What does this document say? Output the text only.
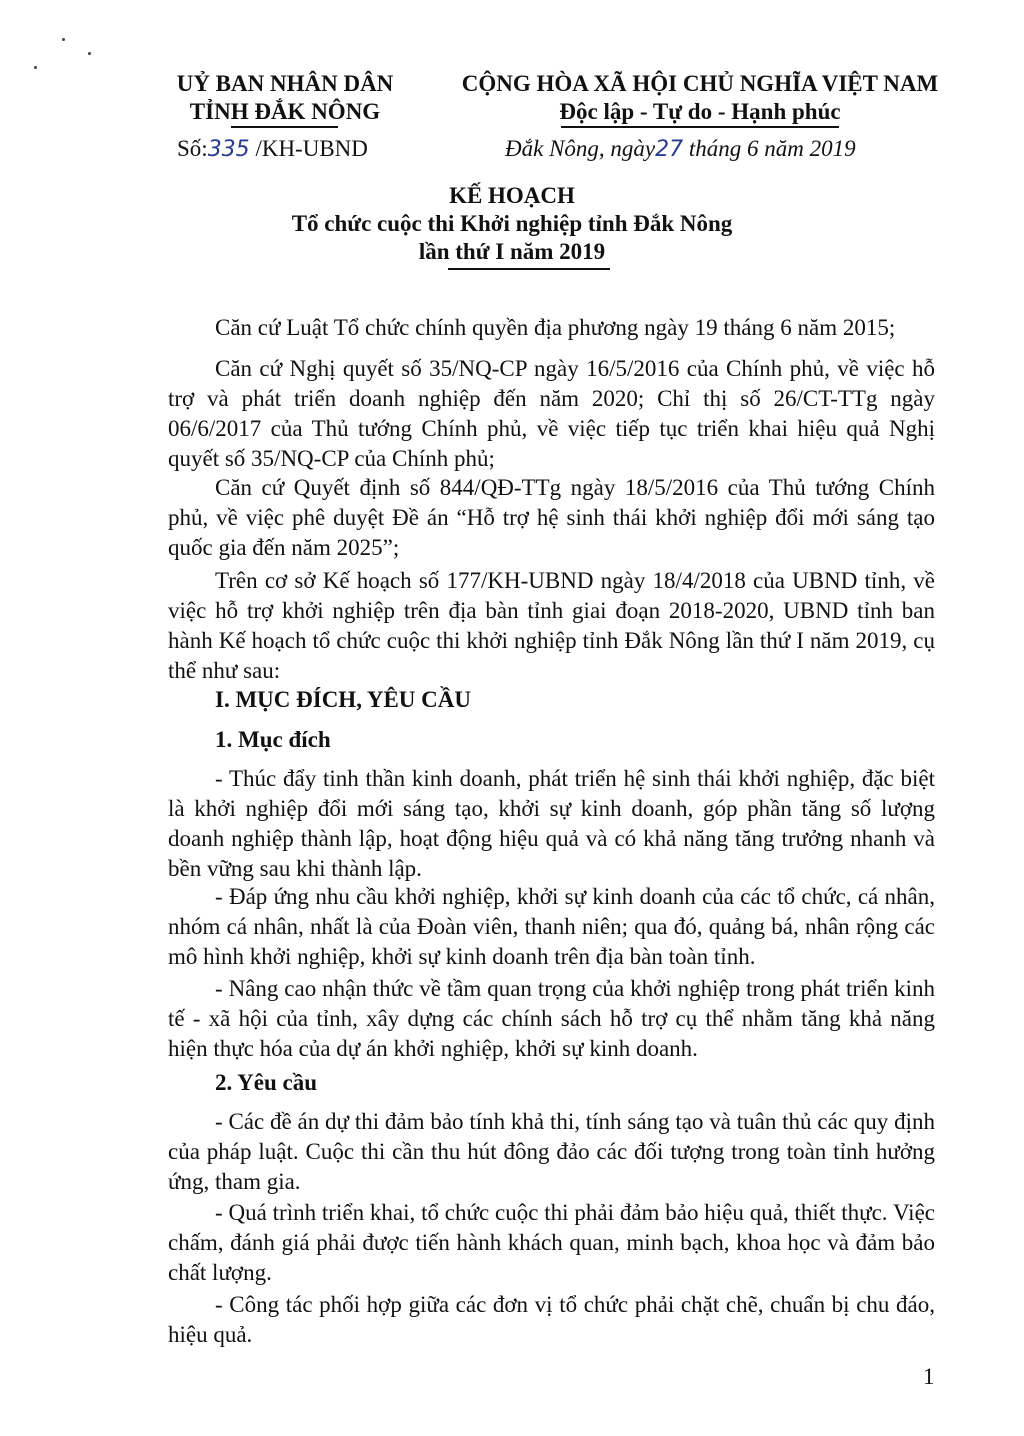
UỶ BAN NHÂN DÂN
TỈNH ĐẮK NÔNG
CỘNG HÒA XÃ HỘI CHỦ NGHĨA VIỆT NAM
Độc lập - Tự do - Hạnh phúc
Số:335 /KH-UBND	Đắk Nông, ngày27 tháng 6 năm 2019
KẾ HOẠCH
Tổ chức cuộc thi Khởi nghiệp tỉnh Đắk Nông
lần thứ I năm 2019
Căn cứ Luật Tổ chức chính quyền địa phương ngày 19 tháng 6 năm 2015;
Căn cứ Nghị quyết số 35/NQ-CP ngày 16/5/2016 của Chính phủ, về việc hỗ trợ và phát triển doanh nghiệp đến năm 2020; Chỉ thị số 26/CT-TTg ngày 06/6/2017 của Thủ tướng Chính phủ, về việc tiếp tục triển khai hiệu quả Nghị quyết số 35/NQ-CP của Chính phủ;
Căn cứ Quyết định số 844/QĐ-TTg ngày 18/5/2016 của Thủ tướng Chính phủ, về việc phê duyệt Đề án “Hỗ trợ hệ sinh thái khởi nghiệp đổi mới sáng tạo quốc gia đến năm 2025”;
Trên cơ sở Kế hoạch số 177/KH-UBND ngày 18/4/2018 của UBND tỉnh, về việc hỗ trợ khởi nghiệp trên địa bàn tỉnh giai đoạn 2018-2020, UBND tỉnh ban hành Kế hoạch tổ chức cuộc thi khởi nghiệp tỉnh Đắk Nông lần thứ I năm 2019, cụ thể như sau:
I. MỤC ĐÍCH, YÊU CẦU
1. Mục đích
- Thúc đẩy tinh thần kinh doanh, phát triển hệ sinh thái khởi nghiệp, đặc biệt là khởi nghiệp đổi mới sáng tạo, khởi sự kinh doanh, góp phần tăng số lượng doanh nghiệp thành lập, hoạt động hiệu quả và có khả năng tăng trưởng nhanh và bền vững sau khi thành lập.
- Đáp ứng nhu cầu khởi nghiệp, khởi sự kinh doanh của các tổ chức, cá nhân, nhóm cá nhân, nhất là của Đoàn viên, thanh niên; qua đó, quảng bá, nhân rộng các mô hình khởi nghiệp, khởi sự kinh doanh trên địa bàn toàn tỉnh.
- Nâng cao nhận thức về tầm quan trọng của khởi nghiệp trong phát triển kinh tế - xã hội của tỉnh, xây dựng các chính sách hỗ trợ cụ thể nhằm tăng khả năng hiện thực hóa của dự án khởi nghiệp, khởi sự kinh doanh.
2. Yêu cầu
- Các đề án dự thi đảm bảo tính khả thi, tính sáng tạo và tuân thủ các quy định của pháp luật. Cuộc thi cần thu hút đông đảo các đối tượng trong toàn tỉnh hưởng ứng, tham gia.
- Quá trình triển khai, tổ chức cuộc thi phải đảm bảo hiệu quả, thiết thực. Việc chấm, đánh giá phải được tiến hành khách quan, minh bạch, khoa học và đảm bảo chất lượng.
- Công tác phối hợp giữa các đơn vị tổ chức phải chặt chẽ, chuẩn bị chu đáo, hiệu quả.
1
